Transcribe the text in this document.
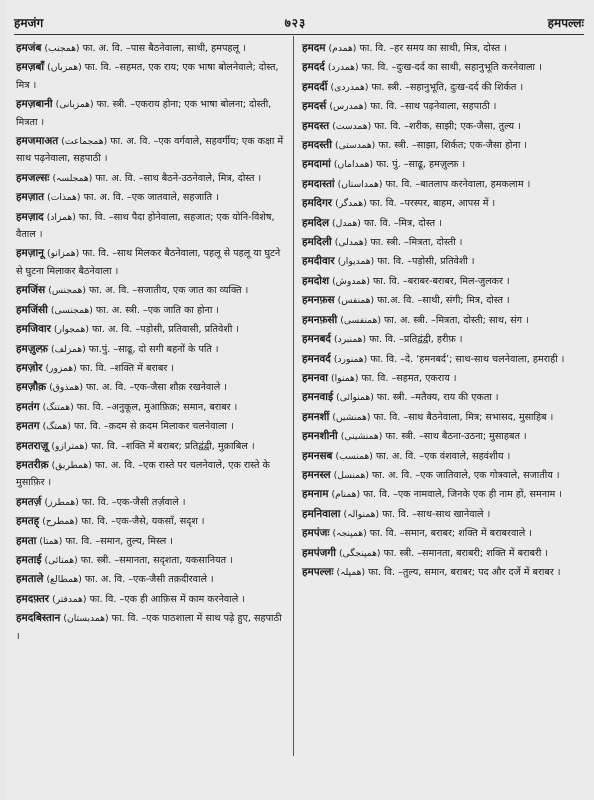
हमजंग	७२३	हमपल्लः
हमजंब (همجنب) फा. अ. वि. –पास बैठनेवाला, साथी, हमपहलू ।
हमज़बाँ (همزباں) फा. वि. –सहमत, एक राय; एक भाषा बोलनेवाले; दोस्त, मित्र ।
हमज़बानी (همزبانی) फा. स्त्री. –एकराय होना; एक भाषा बोलना; दोस्ती, मित्रता ।
हमजमाअत (همجماعت) फा. अ. वि. –एक वर्गवाले, सहवर्गीय; एक कक्षा में साथ पढ़नेवाला, सहपाठी ।
हमजल्सः (همجلسہ) फा. अ. वि. –साथ बैठने-उठनेवाले, मित्र, दोस्त ।
हमज़ात (همذات) फा. अ. वि. –एक जातवाले, सहजाति ।
हमज़ाद (همزاد) फा. वि. –साथ पैदा होनेवाला, सहजात; एक योनि-विशेष, वैताल ।
हमज़ानू (همزانو) फा. वि. –साथ मिलकर बैठनेवाला, पहलू से पहलू या घुटने से घुटना मिलाकर बैठनेवाला ।
हमजिंस (همجنس) फा. अ. वि. –सजातीय, एक जात का व्यक्ति ।
हमजिंसी (همجنسی) फा. अ. स्त्री. –एक जाति का होना ।
हमजिवार (همجوار) फा. अ. वि. –पड़ोसी, प्रतिवासी, प्रतिवेशी ।
हमज़ुल्फ़ (همزلف) फा.पुं. –साढू, दो सगी बहनों के पति ।
हमज़ोर (همزور) फा. वि. –शक्ति में बराबर ।
हमज़ौक़ (همذوق) फा. अ. वि. –एक-जैसा शौक़ रखनेवाले ।
हमतंग (همتنگ) फा. वि. –अनुकूल, मुआफ़िक़; समान, बराबर ।
हमतग (همتگ) फा. वि. –क़दम से क़दम मिलाकर चलनेवाला ।
हमतराज़ू (همترازو) फा. वि. –शक्ति में बराबर; प्रतिद्वंद्वी, मुक़ाबिल ।
हमतरीक़ (همطریق) फा. अ. वि. –एक रास्ते पर चलनेवाले, एक रास्ते के मुसाफ़िर ।
हमतर्ज़ (همطرز) फा. वि. –एक-जैसी तर्ज़वाले ।
हमतह् (همطرح) फा. वि. –एक-जैसे, यकसाँ, सदृश ।
हमता (همتا) फा. वि. –समान, तुल्य, मिस्ल ।
हमताई (همتائی) फा. स्त्री. –समानता, सदृशता, यकसानियत ।
हमताले (همطالع) फा. अ. वि. –एक-जैसी तक़दीरवाले ।
हमदफ़्तर (همدفتر) फा. वि. –एक ही आफ़िस में काम करनेवाले ।
हमदबिस्तान (همدبستان) फा. वि. –एक पाठशाला में साथ पढ़े हुए, सहपाठी ।
हमदम (همدم) फा. वि. –हर समय का साथी, मित्र, दोस्त ।
हमदर्द (همدرد) फा. वि. –दुःख-दर्द का साथी, सहानुभूति करनेवाला ।
हमदर्दी (همدردی) फा. स्त्री. –सहानुभूति, दुःख-दर्द की शिर्कत ।
हमदर्स (همدرس) फा. वि. –साथ पढ़नेवाला, सहपाठी ।
हमदस्त (همدست) फा. वि. –शरीक, साझी; एक-जैसा, तुल्य ।
हमदस्ती (همدستی) फा. स्त्री. –साझा, शिर्कत; एक-जैसा होना ।
हमदामां (همداماں) फा. पुं. –साढू, हमज़ुल्फ़ ।
हमदास्तां (همداستاں) फा. वि. –बातलाप करनेवाला, हमकलाम ।
हमदिगर (همدگر) फा. वि. –परस्पर, बाहम, आपस में ।
हमदिल (همدل) फा. वि. –मित्र, दोस्त ।
हमदिली (همدلی) फा. स्त्री. –मित्रता, दोस्ती ।
हमदीवार (همدیوار) फा. वि. –पड़ोसी, प्रतिवेशी ।
हमदोश (همدوش) फा. वि. –बराबर-बराबर, मिल-जुलकर ।
हमनफ़स (همنفس) फा.अ. वि. –साथी, संगी; मित्र, दोस्त ।
हमनफ़सी (همنفسی) फा. अ. स्त्री. –मित्रता, दोस्ती; साथ, संग ।
हमनबर्द (همنبرد) फा. वि. –प्रतिद्वंद्वी, हरीफ़ ।
हमनवर्द (همنورد) फा. वि. –दे. ‘हमनबर्द’; साथ-साथ चलनेवाला, हमराही ।
हमनवा (همنوا) फा. वि. –सहमत, एकराय ।
हमनवाई (همنوائی) फा. स्त्री. –मतैक्य, राय की एकता ।
हमनशीं (همنشیں) फा. वि. –साथ बैठनेवाला, मित्र; सभासद, मुसाहिब ।
हमनशीनी (همنشینی) फा. स्त्री. –साथ बैठना-उठना; मुसाहबत ।
हमनसब (همنسب) फा. अ. वि. –एक वंशवाले, सहवंशीय ।
हमनस्ल (همنسل) फा. अ. वि. –एक जातिवाले, एक गोत्रवाले, सजातीय ।
हमनाम (همنام) फा. वि. –एक नामवाले, जिनके एक ही नाम हों, समनाम ।
हमनिवाला (همنوالہ) फा. वि. –साथ-साथ खानेवाले ।
हमपंजः (همپنجہ) फा. वि. –समान, बराबर; शक्ति में बराबरवाले ।
हमपंजगी (همپنجگی) फा. स्त्री. –समानता, बराबरी; शक्ति में बराबरी ।
हमपल्लः (همپلہ) फा. वि. –तुल्य, समान, बराबर; पद और दर्जे में बराबर ।
